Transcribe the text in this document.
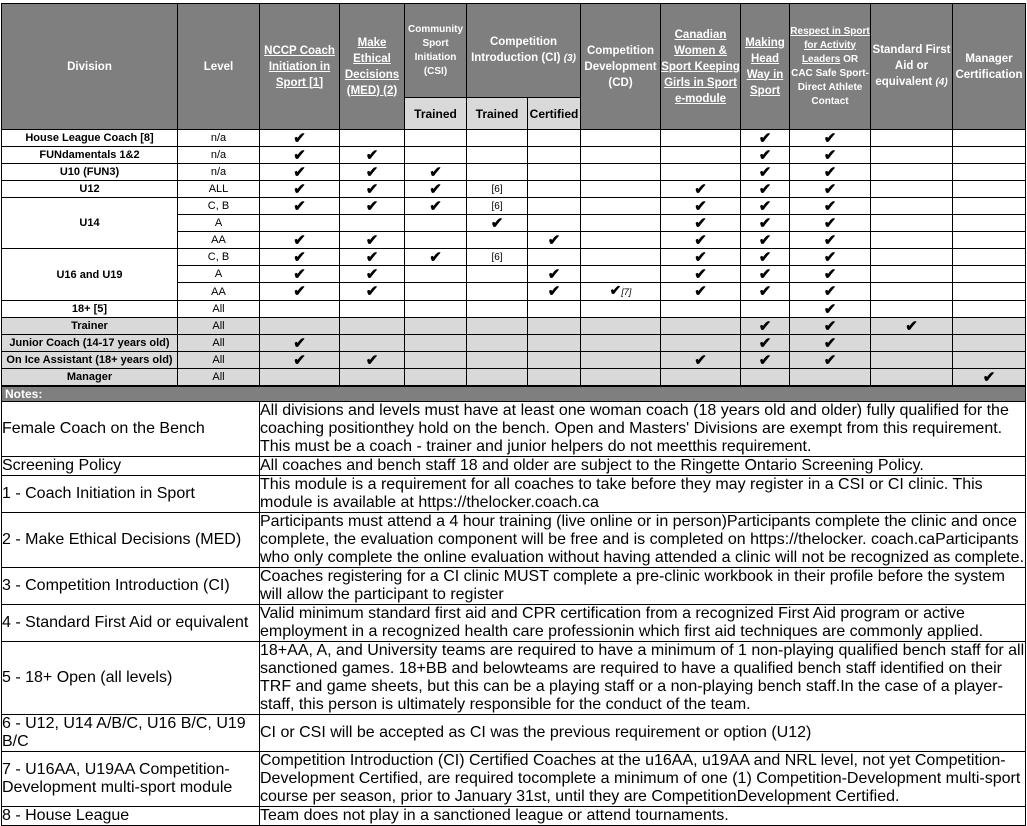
Division	Level	NCCP Coach Initiation in Sport [1]	Make Ethical Decisions (MED) (2)	Community Sport Initiation (CSI)	Competition Introduction (CI) (3)		Competition Development (CD)	Canadian Women & Sport Keeping Girls in Sport e-module	Making Head Way in Sport	Respect in Sport for Activity Leaders OR CAC Safe Sport-Direct Athlete Contact	Standard First Aid or equivalent (4)	Manager Certification
				Trained	Trained	Certified						
House League Coach [8]	n/a	✔							✔	✔		
FUNdamentals 1&2	n/a	✔	✔						✔	✔		
U10 (FUN3)	n/a	✔	✔	✔					✔	✔		
U12	ALL	✔	✔	✔	[6]			✔	✔	✔		
U14	C, B	✔	✔	✔	[6]			✔	✔	✔		
	A				✔			✔	✔	✔		
	AA	✔	✔			✔		✔	✔	✔		
U16 and U19	C, B	✔	✔	✔	[6]			✔	✔	✔		
	A	✔	✔			✔		✔	✔	✔		
	AA	✔	✔			✔	✔[7]	✔	✔	✔		
18+ [5]	All									✔		
Trainer	All								✔	✔	✔	
Junior Coach (14-17 years old)	All	✔							✔	✔		
On Ice Assistant (18+ years old)	All	✔	✔					✔	✔	✔		
Manager	All											✔
Notes:	
Female Coach on the Bench	All divisions and levels must have at least one woman coach (18 years old and older) fully qualified for the coaching positionthey hold on the bench. Open and Masters' Divisions are exempt from this requirement. This must be a coach - trainer and junior helpers do not meetthis requirement.
Screening Policy	All coaches and bench staff 18 and older are subject to the Ringette Ontario Screening Policy.
1 - Coach Initiation in Sport	This module is a requirement for all coaches to take before they may register in a CSI or CI clinic. This module is available at https://thelocker.coach.ca
2 - Make Ethical Decisions (MED)	Participants must attend a 4 hour training (live online or in person)Participants complete the clinic and once complete, the evaluation component will be free and is completed on https://thelocker. coach.caParticipants who only complete the online evaluation without having attended a clinic will not be recognized as complete.
3 - Competition Introduction (CI)	Coaches registering for a CI clinic MUST complete a pre-clinic workbook in their profile before the system will allow the participant to register
4 - Standard First Aid or equivalent	Valid minimum standard first aid and CPR certification from a recognized First Aid program or active employment in a recognized health care professionin which first aid techniques are commonly applied.
5 - 18+ Open (all levels)	18+AA, A, and University teams are required to have a minimum of 1 non-playing qualified bench staff for all sanctioned games. 18+BB and belowteams are required to have a qualified bench staff identified on their TRF and game sheets, but this can be a playing staff or a non-playing bench staff.In the case of a player-staff, this person is ultimately responsible for the conduct of the team.
6 - U12, U14 A/B/C, U16 B/C, U19 B/C	CI or CSI will be accepted as CI was the previous requirement or option (U12)
7 - U16AA, U19AA Competition-Development multi-sport module	Competition Introduction (CI) Certified Coaches at the u16AA, u19AA and NRL level, not yet Competition-Development Certified, are required tocomplete a minimum of one (1) Competition-Development multi-sport course per season, prior to January 31st, until they are CompetitionDevelopment Certified.
8 - House League	Team does not play in a sanctioned league or attend tournaments.
